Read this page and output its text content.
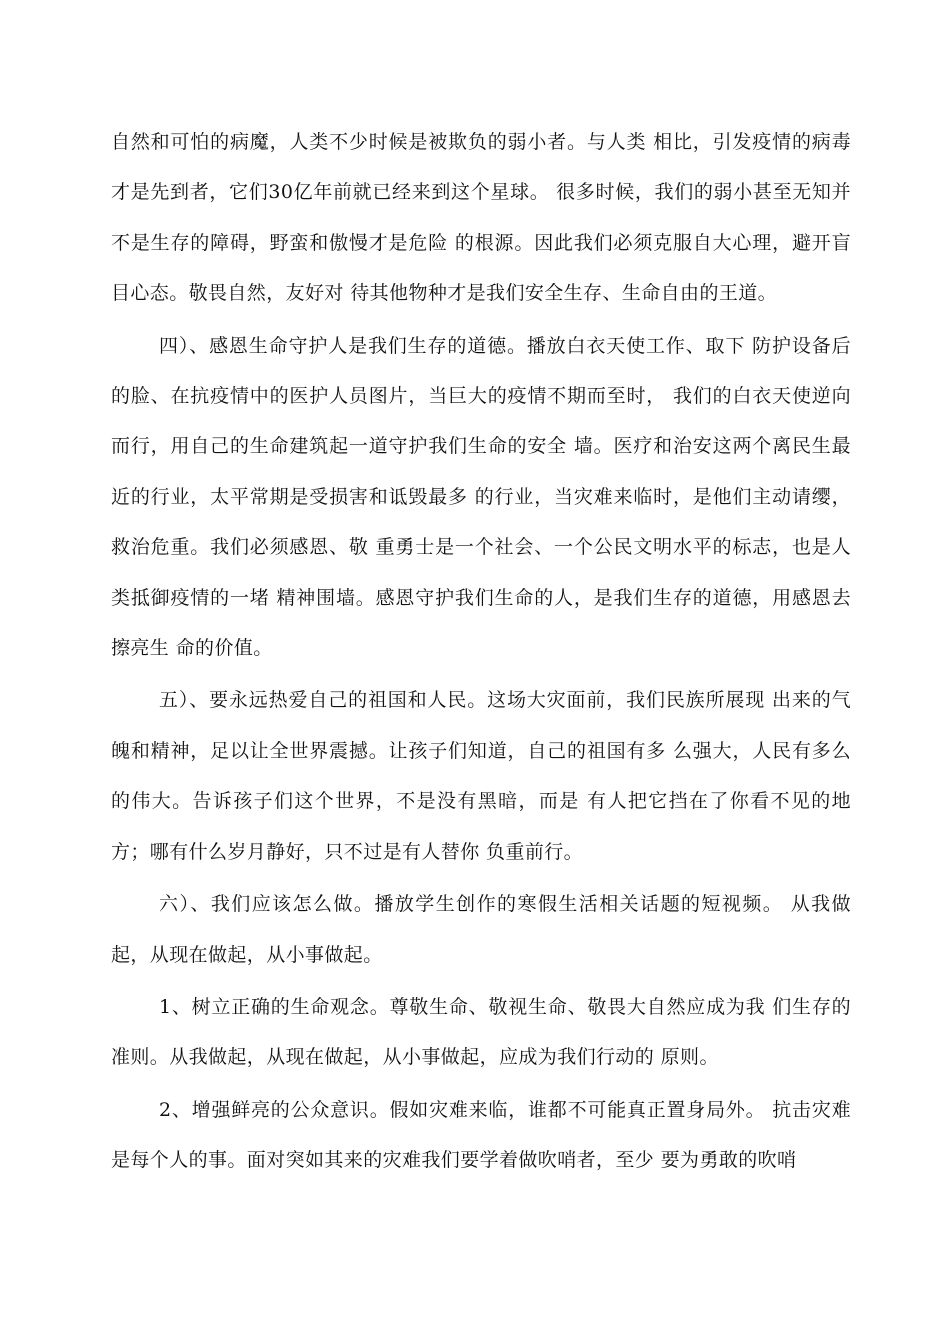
自然和可怕的病魔，人类不少时候是被欺负的弱小者。与人类 相比，引发疫情的病毒才是先到者，它们30亿年前就已经来到这个星球。 很多时候，我们的弱小甚至无知并不是生存的障碍，野蛮和傲慢才是危险 的根源。因此我们必须克服自大心理，避开盲目心态。敬畏自然，友好对 待其他物种才是我们安全生存、生命自由的王道。

四）、感恩生命守护人是我们生存的道德。播放白衣天使工作、取下 防护设备后的脸、在抗疫情中的医护人员图片，当巨大的疫情不期而至时， 我们的白衣天使逆向而行，用自己的生命建筑起一道守护我们生命的安全 墙。医疗和治安这两个离民生最近的行业，太平常期是受损害和诋毁最多 的行业，当灾难来临时，是他们主动请缨，救治危重。我们必须感恩、敬 重勇士是一个社会、一个公民文明水平的标志，也是人类抵御疫情的一堵 精神围墙。感恩守护我们生命的人，是我们生存的道德，用感恩去擦亮生 命的价值。

五）、要永远热爱自己的祖国和人民。这场大灾面前，我们民族所展现 出来的气魄和精神，足以让全世界震撼。让孩子们知道，自己的祖国有多 么强大，人民有多么的伟大。告诉孩子们这个世界，不是没有黑暗，而是 有人把它挡在了你看不见的地方；哪有什么岁月静好，只不过是有人替你 负重前行。

六）、我们应该怎么做。播放学生创作的寒假生活相关话题的短视频。 从我做起，从现在做起，从小事做起。

1、树立正确的生命观念。尊敬生命、敬视生命、敬畏大自然应成为我 们生存的准则。从我做起，从现在做起，从小事做起，应成为我们行动的 原则。

2、增强鲜亮的公众意识。假如灾难来临，谁都不可能真正置身局外。 抗击灾难是每个人的事。面对突如其来的灾难我们要学着做吹哨者，至少 要为勇敢的吹哨
